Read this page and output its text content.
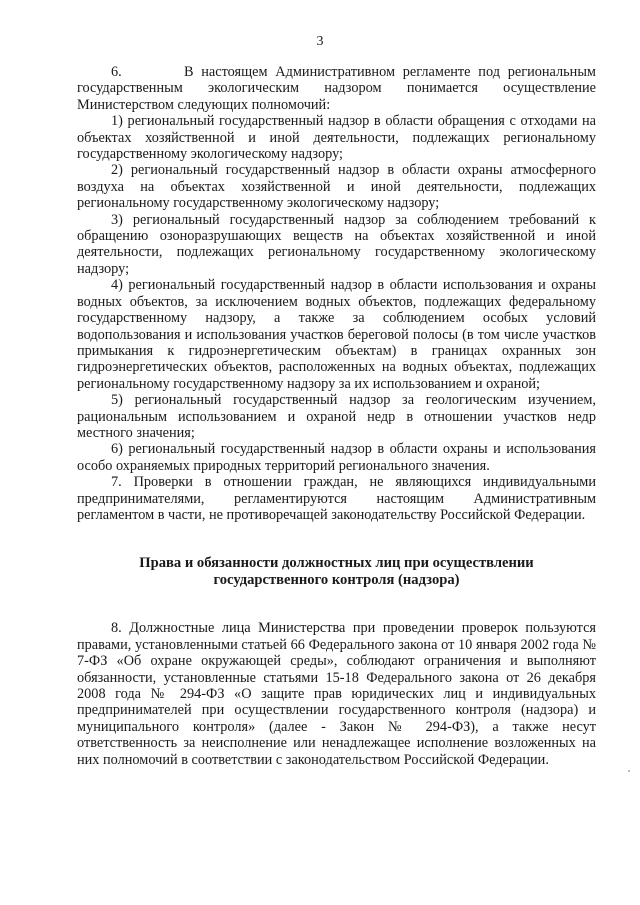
3

6.        В настоящем Административном регламенте под региональным государственным экологическим надзором понимается осуществление Министерством следующих полномочий:

1) региональный государственный надзор в области обращения с отходами на объектах хозяйственной и иной деятельности, подлежащих региональному государственному экологическому надзору;

2) региональный государственный надзор в области охраны атмосферного воздуха на объектах хозяйственной и иной деятельности, подлежащих региональному государственному экологическому надзору;

3) региональный государственный надзор за соблюдением требований к обращению озоноразрушающих веществ на объектах хозяйственной и иной деятельности, подлежащих региональному государственному экологическому надзору;

4) региональный государственный надзор в области использования и охраны водных объектов, за исключением водных объектов, подлежащих федеральному государственному надзору, а также за соблюдением особых условий водопользования и использования участков береговой полосы (в том числе участков примыкания к гидроэнергетическим объектам) в границах охранных зон гидроэнергетических объектов, расположенных на водных объектах, подлежащих региональному государственному надзору за их использованием и охраной;

5) региональный государственный надзор за геологическим изучением, рациональным использованием и охраной недр в отношении участков недр местного значения;

6) региональный государственный надзор в области охраны и использования особо охраняемых природных территорий регионального значения.

7. Проверки в отношении граждан, не являющихся индивидуальными предпринимателями, регламентируются настоящим Административным регламентом в части, не противоречащей законодательству Российской Федерации.

Права и обязанности должностных лиц при осуществлении
государственного контроля (надзора)

8. Должностные лица Министерства при проведении проверок пользуются правами, установленными статьей 66 Федерального закона от 10 января 2002 года № 7-ФЗ «Об охране окружающей среды», соблюдают ограничения и выполняют обязанности, установленные статьями 15-18 Федерального закона от 26 декабря 2008 года № 294-ФЗ «О защите прав юридических лиц и индивидуальных предпринимателей при осуществлении государственного контроля (надзора) и муниципального контроля» (далее - Закон № 294-ФЗ), а также несут ответственность за неисполнение или ненадлежащее исполнение возложенных на них полномочий в соответствии с законодательством Российской Федерации.
